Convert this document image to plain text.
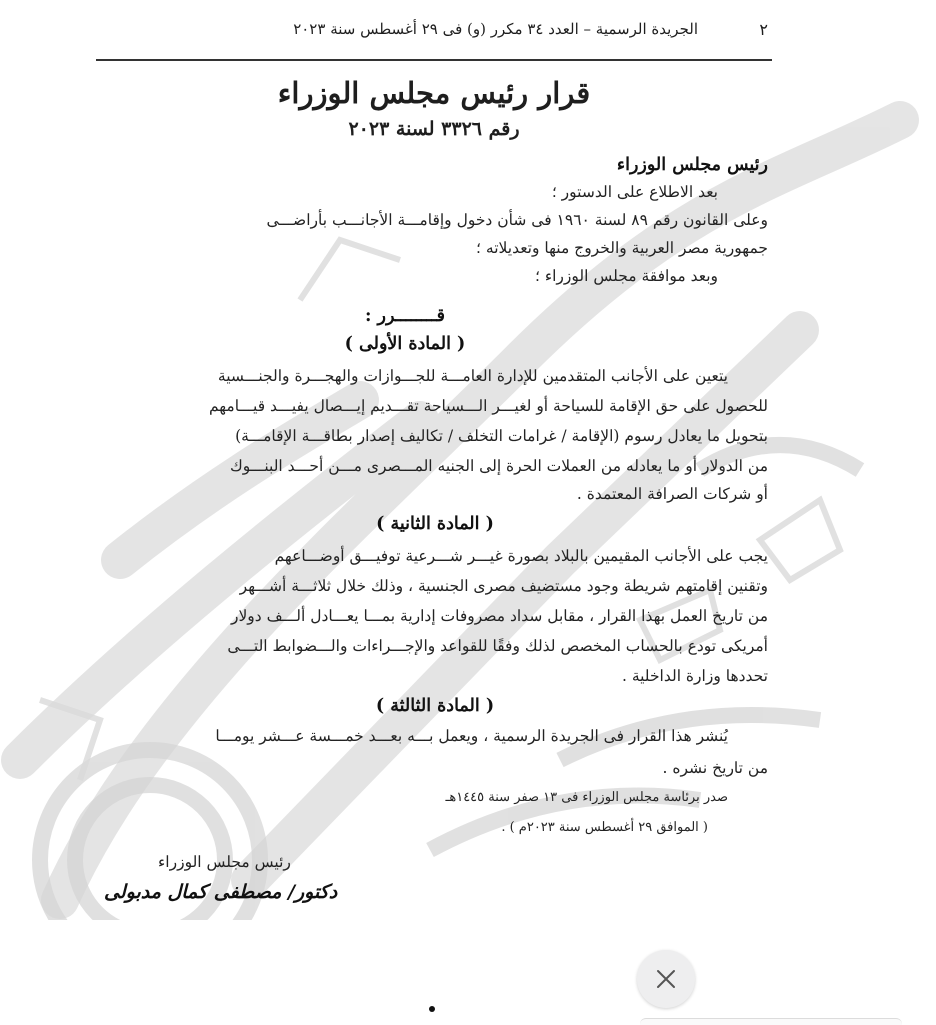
٢
الجريدة الرسمية – العدد ٣٤ مكرر (و) فى ٢٩ أغسطس سنة ٢٠٢٣
قرار رئيس مجلس الوزراء
رقم ٣٣٢٦ لسنة ٢٠٢٣
رئيس مجلس الوزراء
بعد الاطلاع على الدستور ؛
وعلى القانون رقم ٨٩ لسنة ١٩٦٠ فى شأن دخول وإقامـــة الأجانـــب بأراضـــى
جمهورية مصر العربية والخروج منها وتعديلاته ؛
وبعد موافقة مجلس الوزراء ؛
قــــــــرر :
( المادة الأولى )
يتعين على الأجانب المتقدمين للإدارة العامـــة للجـــوازات والهجـــرة والجنـــسية
للحصول على حق الإقامة للسياحة أو لغيـــر الـــسياحة تقـــديم إيـــصال يفيـــد قيـــامهم
بتحويل ما يعادل رسوم (الإقامة / غرامات التخلف / تكاليف إصدار بطاقـــة الإقامـــة)
من الدولار أو ما يعادله من العملات الحرة إلى الجنيه المـــصرى مـــن أحـــد البنـــوك
أو شركات الصرافة المعتمدة .
( المادة الثانية )
يجب على الأجانب المقيمين بالبلاد بصورة غيـــر شـــرعية توفيـــق أوضـــاعهم
وتقنين إقامتهم شريطة وجود مستضيف مصرى الجنسية ، وذلك خلال ثلاثـــة أشـــهر
من تاريخ العمل بهذا القرار ، مقابل سداد مصروفات إدارية بمـــا يعـــادل ألـــف دولار
أمريكى تودع بالحساب المخصص لذلك وفقًا للقواعد والإجـــراءات والـــضوابط التـــى
تحددها وزارة الداخلية .
( المادة الثالثة )
يُنشر هذا القرار فى الجريدة الرسمية ، ويعمل بـــه بعـــد خمـــسة عـــشر يومـــا
من تاريخ نشره .
صدر برئاسة مجلس الوزراء فى ١٣ صفر سنة ١٤٤٥هـ
( الموافق ٢٩ أغسطس سنة ٢٠٢٣م ) .
رئيس مجلس الوزراء
دكتور/ مصطفى كمال مدبولى
